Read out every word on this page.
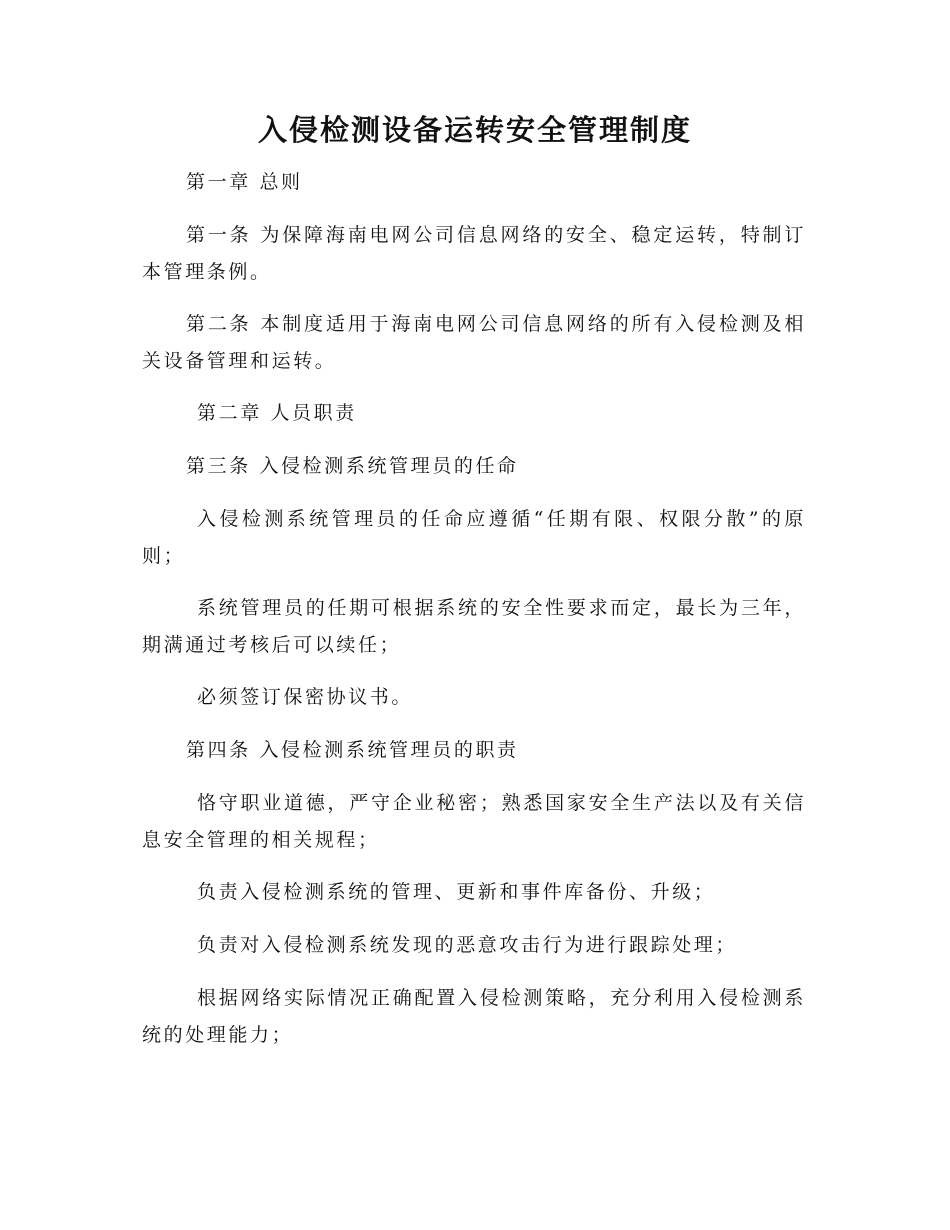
入侵检测设备运转安全管理制度

第一章 总则

第一条 为保障海南电网公司信息网络的安全、稳定运转，特制订本管理条例。

第二条 本制度适用于海南电网公司信息网络的所有入侵检测及相关设备管理和运转。

第二章 人员职责

第三条 入侵检测系统管理员的任命

入侵检测系统管理员的任命应遵循“任期有限、权限分散”的原则；

系统管理员的任期可根据系统的安全性要求而定，最长为三年，期满通过考核后可以续任；

必须签订保密协议书。

第四条 入侵检测系统管理员的职责

恪守职业道德，严守企业秘密；熟悉国家安全生产法以及有关信息安全管理的相关规程；

负责入侵检测系统的管理、更新和事件库备份、升级；

负责对入侵检测系统发现的恶意攻击行为进行跟踪处理；

根据网络实际情况正确配置入侵检测策略，充分利用入侵检测系统的处理能力；
